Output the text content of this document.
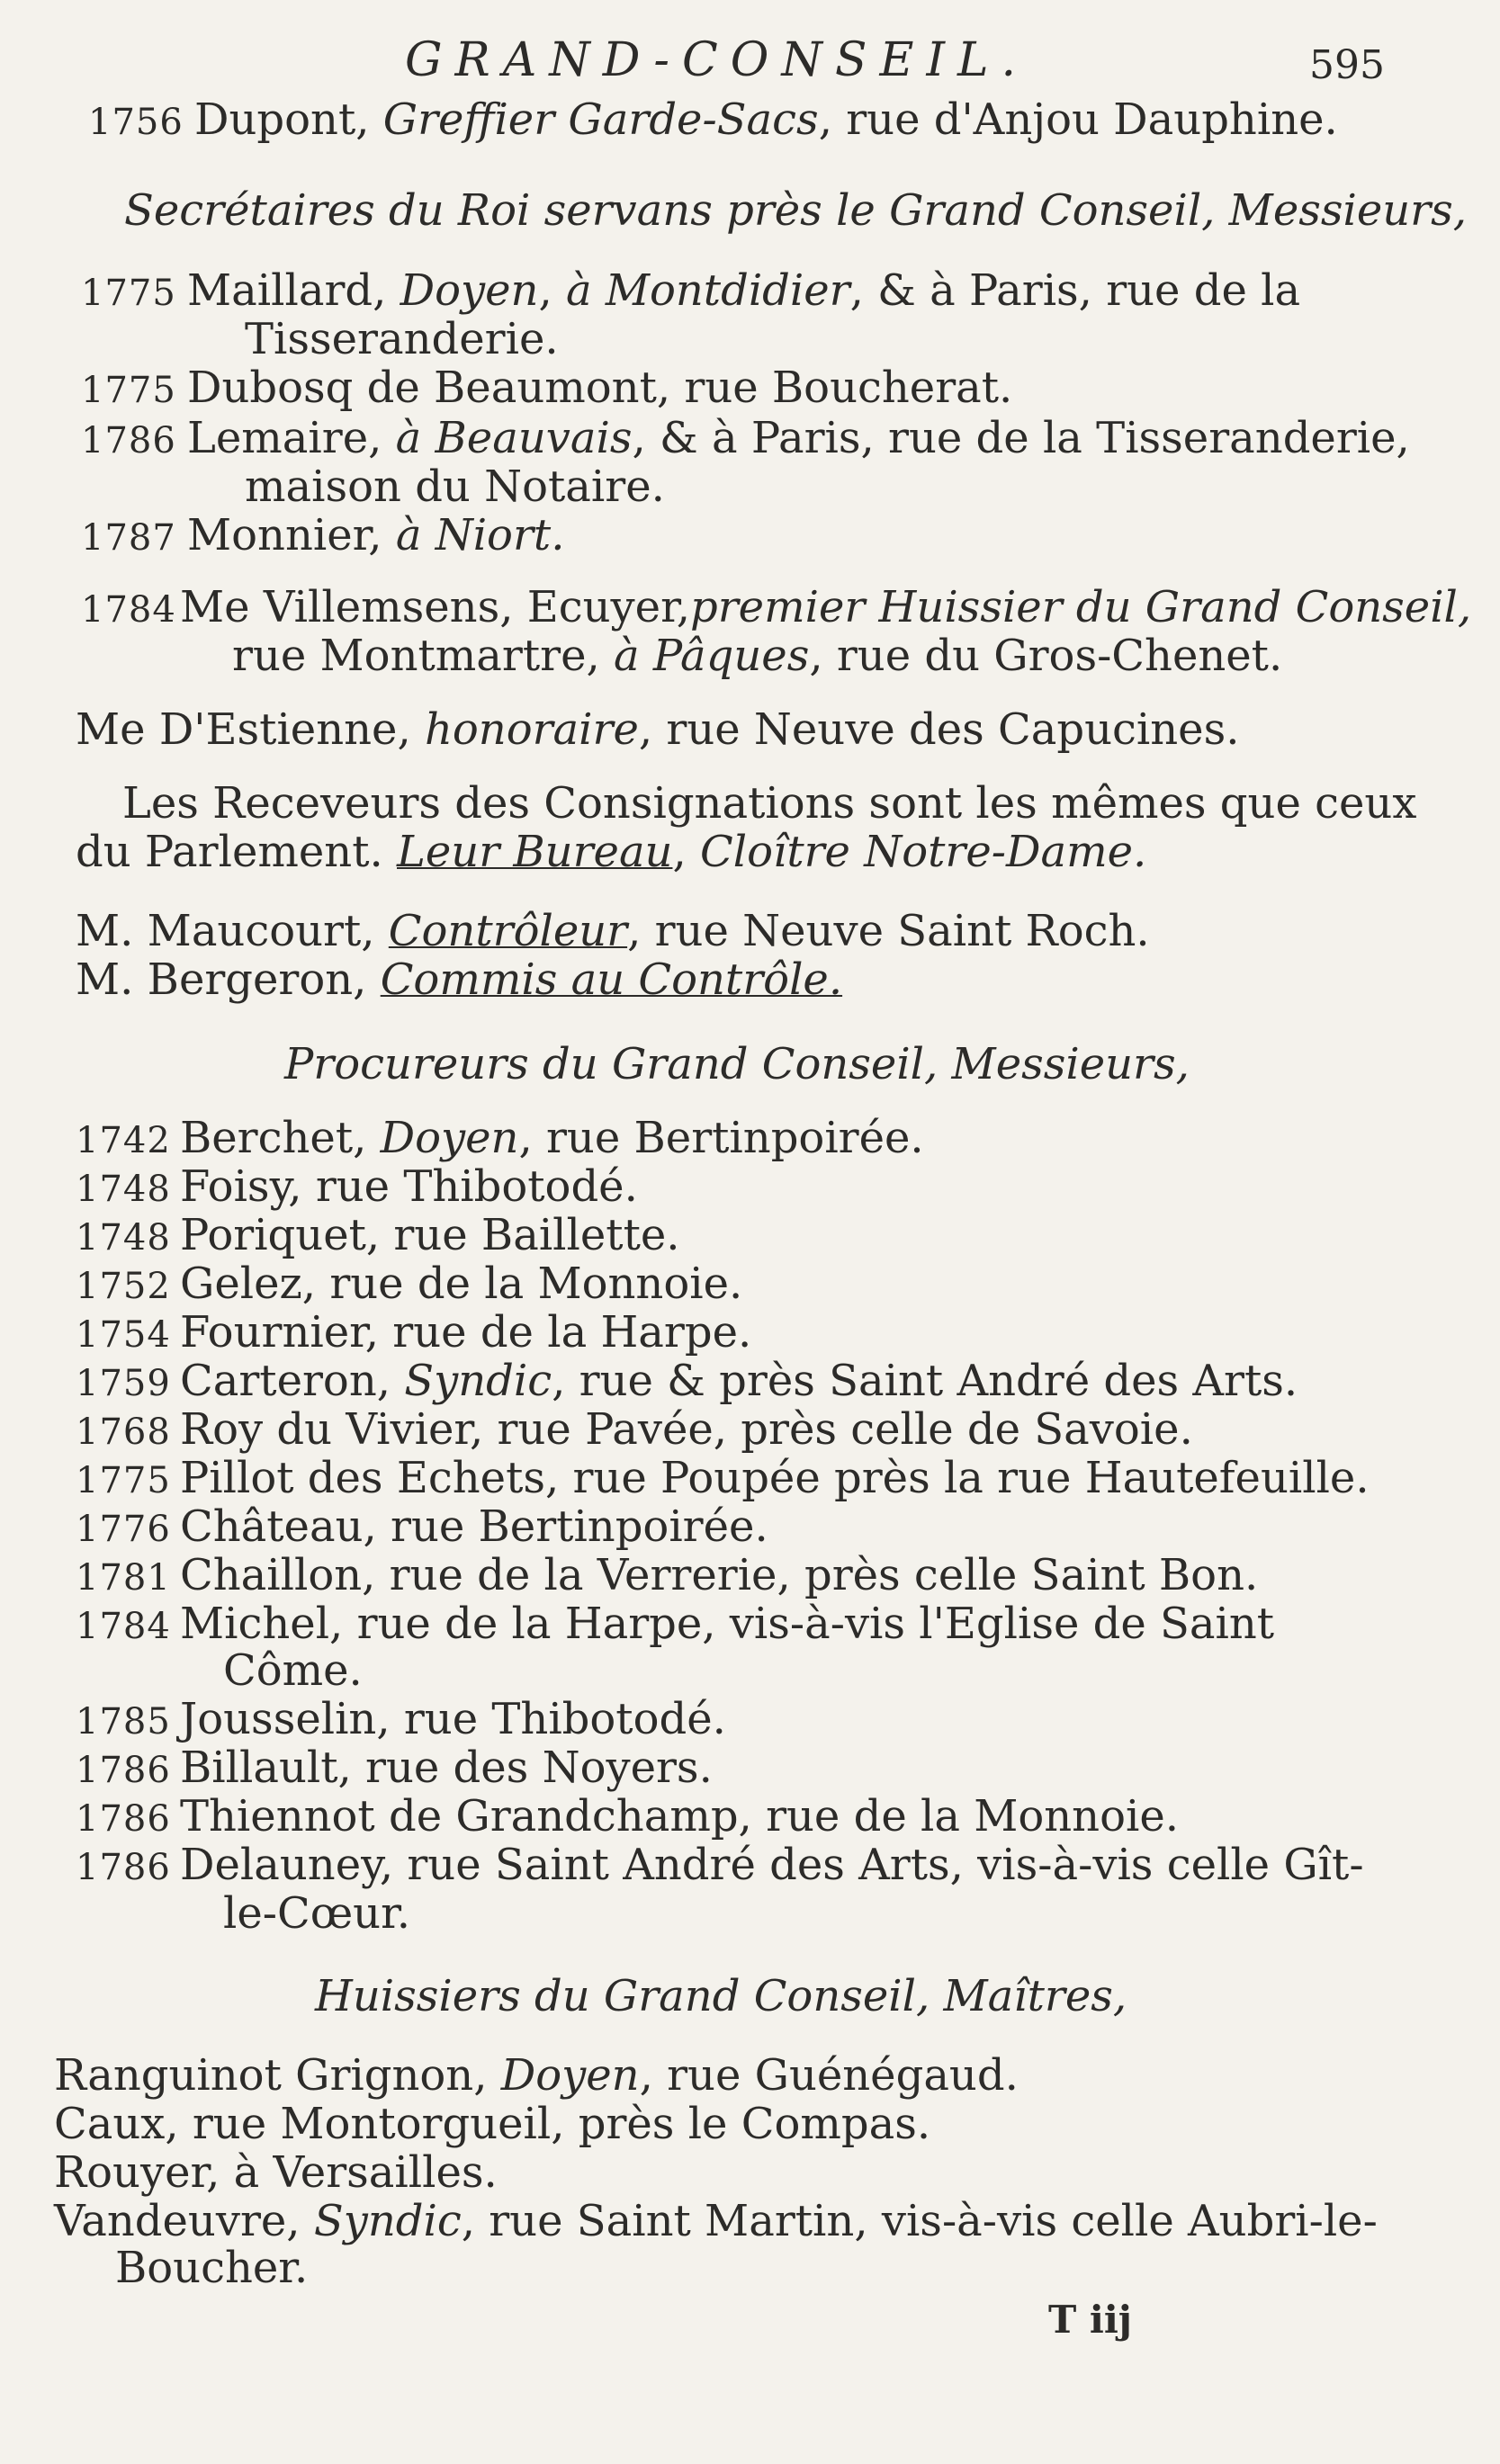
GRAND-CONSEIL.	595
1756 Dupont, Greffier Garde-Sacs, rue d'Anjou Dauphine.
Secrétaires du Roi servans près le Grand Conseil, Messieurs,
1775 Maillard, Doyen, à Montdidier, & à Paris, rue de la
Tisseranderie.
1775 Dubosq de Beaumont, rue Boucherat.
1786 Lemaire, à Beauvais, & à Paris, rue de la Tisseranderie,
maison du Notaire.
1787 Monnier, à Niort.
1784Me Villemsens, Ecuyer,premier Huissier du Grand Conseil,
rue Montmartre, à Pâques, rue du Gros-Chenet.
Me D'Estienne, honoraire, rue Neuve des Capucines.
Les Receveurs des Consignations sont les mêmes que ceux
du Parlement. Leur Bureau, Cloître Notre-Dame.
M. Maucourt, Contrôleur, rue Neuve Saint Roch.
M. Bergeron, Commis au Contrôle.
Procureurs du Grand Conseil, Messieurs,
1742 Berchet, Doyen, rue Bertinpoirée.
1748 Foisy, rue Thibotodé.
1748 Poriquet, rue Baillette.
1752 Gelez, rue de la Monnoie.
1754 Fournier, rue de la Harpe.
1759 Carteron, Syndic, rue & près Saint André des Arts.
1768 Roy du Vivier, rue Pavée, près celle de Savoie.
1775 Pillot des Echets, rue Poupée près la rue Hautefeuille.
1776 Château, rue Bertinpoirée.
1781 Chaillon, rue de la Verrerie, près celle Saint Bon.
1784 Michel, rue de la Harpe, vis-à-vis l'Eglise de Saint
Côme.
1785 Jousselin, rue Thibotodé.
1786 Billault, rue des Noyers.
1786 Thiennot de Grandchamp, rue de la Monnoie.
1786 Delauney, rue Saint André des Arts, vis-à-vis celle Gît-
le-Cœur.
Huissiers du Grand Conseil, Maîtres,
Ranguinot Grignon, Doyen, rue Guénégaud.
Caux, rue Montorgueil, près le Compas.
Rouyer, à Versailles.
Vandeuvre, Syndic, rue Saint Martin, vis-à-vis celle Aubri-le-
Boucher.
T iij
